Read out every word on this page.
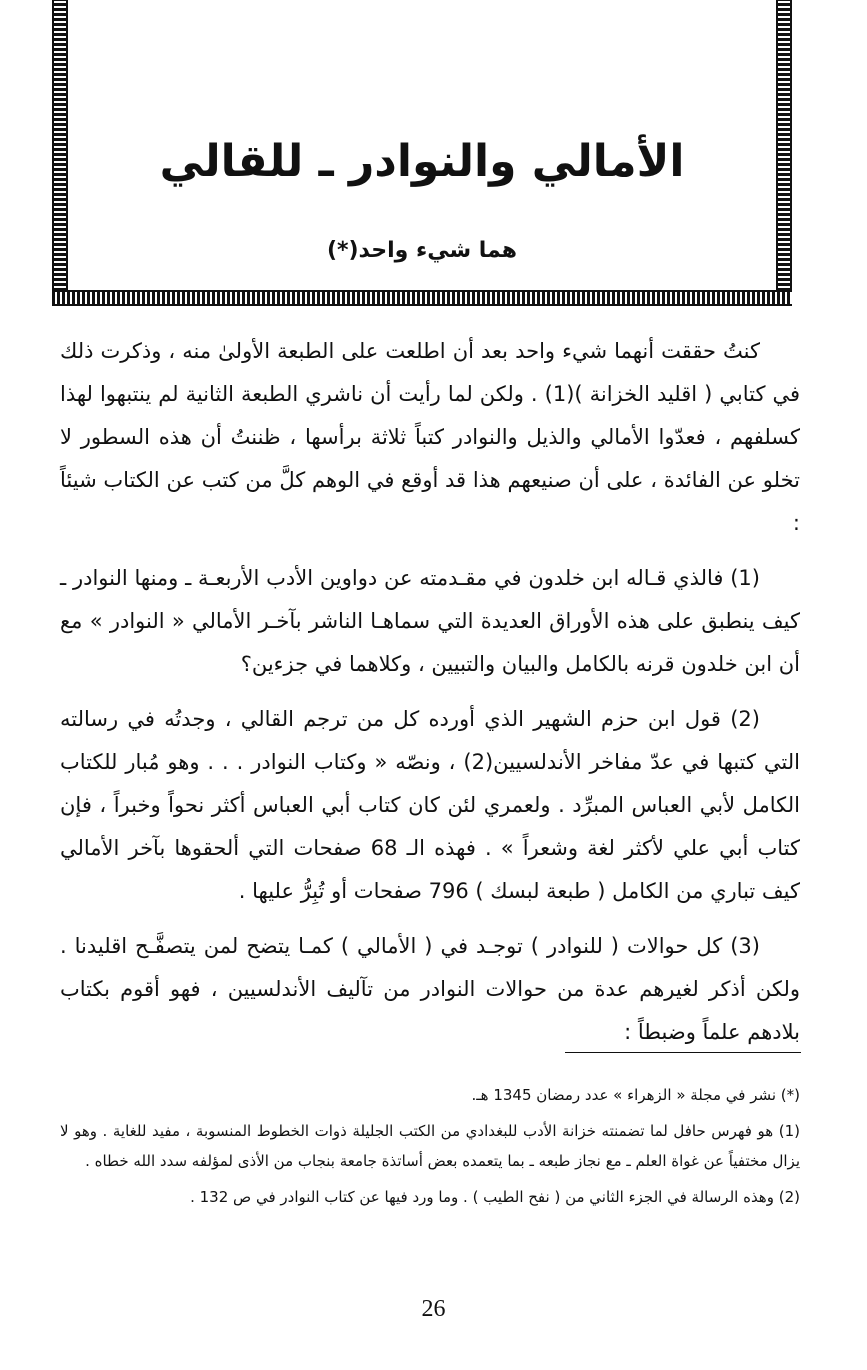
الأمالي والنوادر ـ للقالي
هما شيء واحد(*)

كنتُ حققت أنهما شيء واحد بعد أن اطلعت على الطبعة الأولىٰ منه ، وذكرت ذلك في كتابي ( اقليد الخزانة )(1) . ولكن لما رأيت أن ناشري الطبعة الثانية لم ينتبهوا لهذا كسلفهم ، فعدّوا الأمالي والذيل والنوادر كتباً ثلاثة برأسها ، ظننتُ أن هذه السطور لا تخلو عن الفائدة ، على أن صنيعهم هذا قد أوقع في الوهم كلَّ من كتب عن الكتاب شيئاً :

(1) فالذي قـاله ابن خلدون في مقـدمته عن دواوين الأدب الأربعـة ـ ومنها النوادر ـ كيف ينطبق على هذه الأوراق العديدة التي سماهـا الناشر بآخـر الأمالي « النوادر » مع أن ابن خلدون قرنه بالكامل والبيان والتبيين ، وكلاهما في جزءين؟

(2) قول ابن حزم الشهير الذي أورده كل من ترجم القالي ، وجدتُه في رسالته التي كتبها في عدّ مفاخر الأندلسيين(2) ، ونصّه « وكتاب النوادر . . . وهو مُبار للكتاب الكامل لأبي العباس المبرِّد . ولعمري لئن كان كتاب أبي العباس أكثر نحواً وخبراً ، فإن كتاب أبي علي لأكثر لغة وشعراً » . فهذه الـ 68 صفحات التي ألحقوها بآخر الأمالي كيف تباري من الكامل ( طبعة لبسك ) 796 صفحات أو تُبِرُّ عليها .

(3) كل حوالات ( للنوادر ) توجـد في ( الأمالي ) كمـا يتضح لمن يتصفَّـح اقليدنا . ولكن أذكر لغيرهم عدة من حوالات النوادر من تآليف الأندلسيين ، فهو أقوم بكتاب بلادهم علماً وضبطاً :

(*) نشر في مجلة « الزهراء » عدد رمضان 1345 هـ.

(1) هو فهرس حافل لما تضمنته خزانة الأدب للبغدادي من الكتب الجليلة ذوات الخطوط المنسوبة ، مفيد للغاية . وهو لا يزال مختفياً عن غواة العلم ـ مع نجاز طبعه ـ بما يتعمده بعض أساتذة جامعة بنجاب من الأذى لمؤلفه سدد الله خطاه .

(2) وهذه الرسالة في الجزء الثاني من ( نفح الطيب ) . وما ورد فيها عن كتاب النوادر في ص 132 .

26
